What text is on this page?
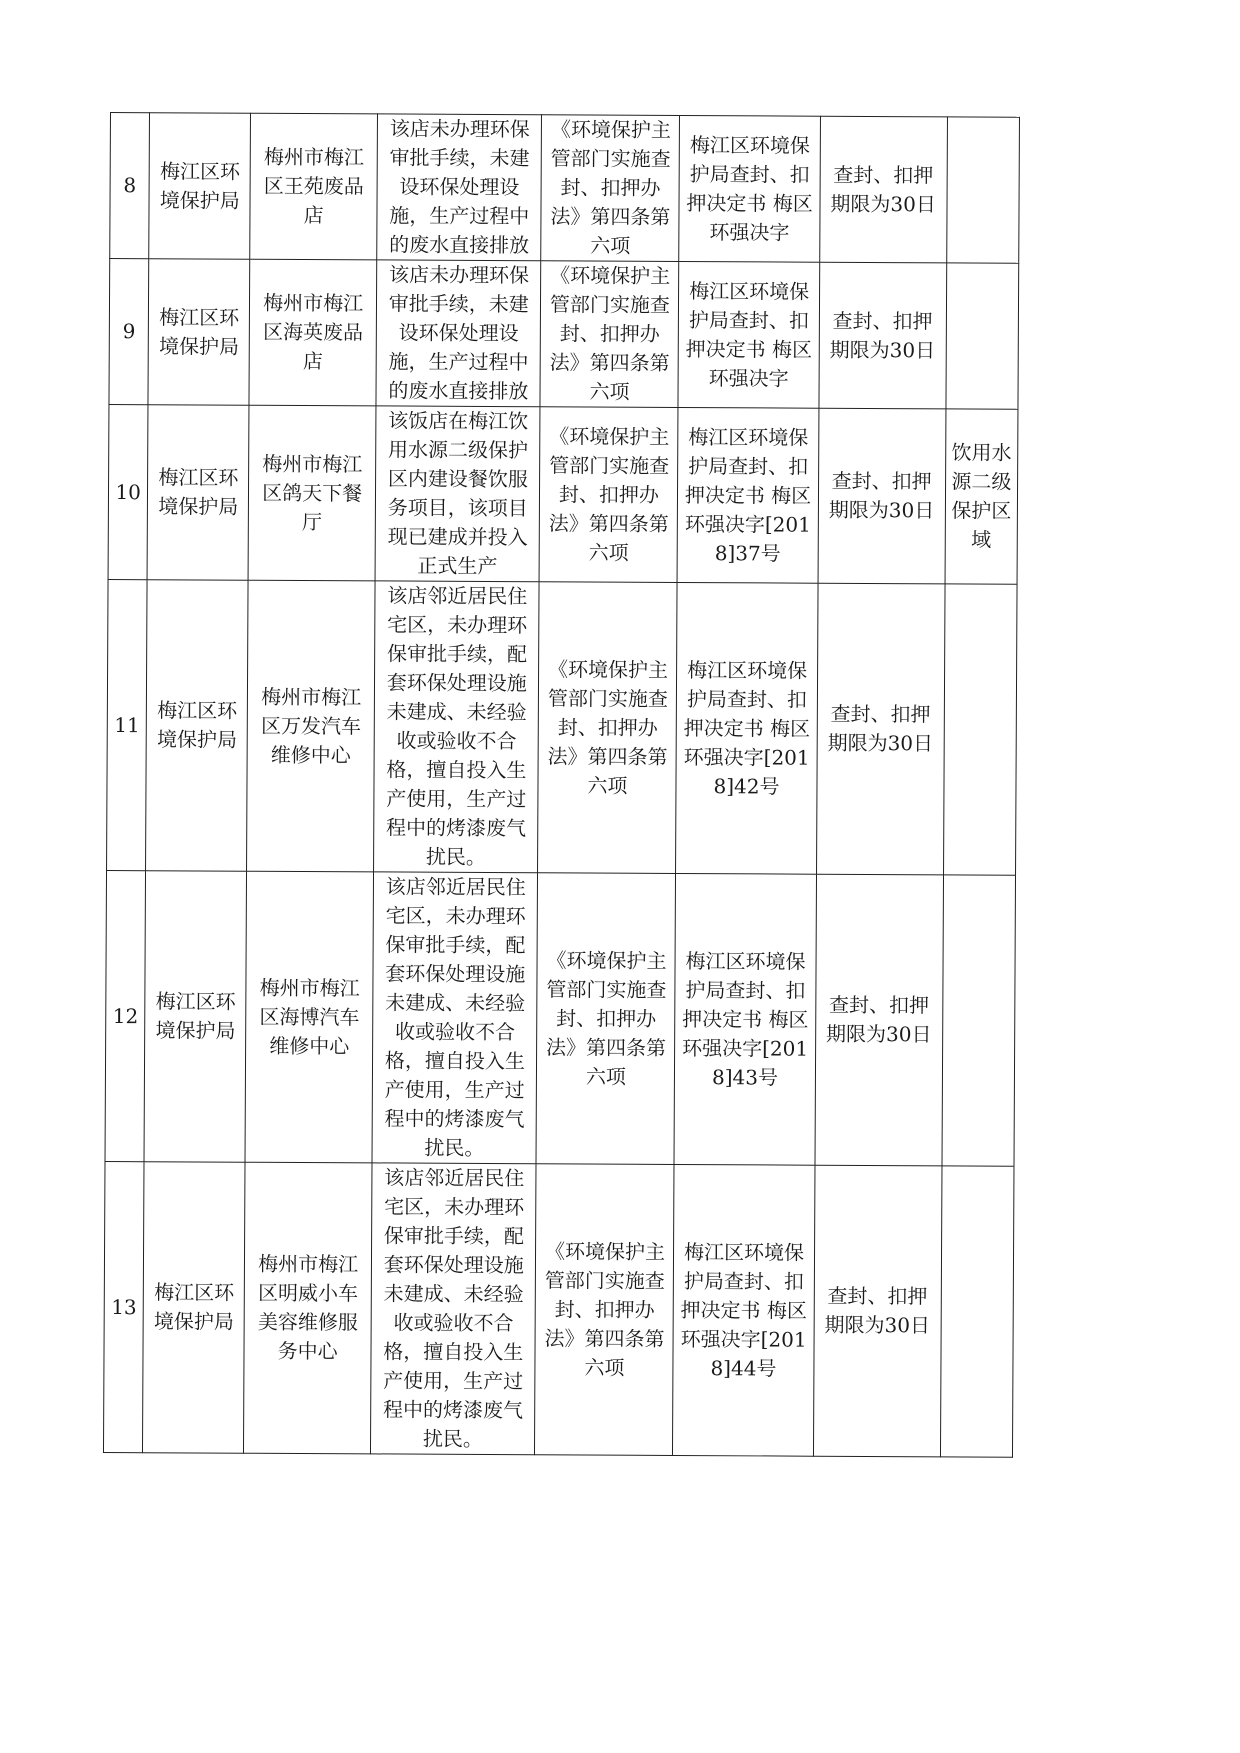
8	梅江区环境保护局	梅州市梅江区王苑废品店	该店未办理环保审批手续，未建设环保处理设施，生产过程中的废水直接排放	《环境保护主管部门实施查封、扣押办法》第四条第六项	梅江区环境保护局查封、扣押决定书 梅区环强决字	查封、扣押期限为30日	
9	梅江区环境保护局	梅州市梅江区海英废品店	该店未办理环保审批手续，未建设环保处理设施，生产过程中的废水直接排放	《环境保护主管部门实施查封、扣押办法》第四条第六项	梅江区环境保护局查封、扣押决定书 梅区环强决字	查封、扣押期限为30日	
10	梅江区环境保护局	梅州市梅江区鸽天下餐厅	该饭店在梅江饮用水源二级保护区内建设餐饮服务项目，该项目现已建成并投入正式生产	《环境保护主管部门实施查封、扣押办法》第四条第六项	梅江区环境保护局查封、扣押决定书 梅区环强决字[2018]37号	查封、扣押期限为30日	饮用水源二级保护区域
11	梅江区环境保护局	梅州市梅江区万发汽车维修中心	该店邻近居民住宅区，未办理环保审批手续，配套环保处理设施未建成、未经验收或验收不合格，擅自投入生产使用，生产过程中的烤漆废气扰民。	《环境保护主管部门实施查封、扣押办法》第四条第六项	梅江区环境保护局查封、扣押决定书 梅区环强决字[2018]42号	查封、扣押期限为30日	
12	梅江区环境保护局	梅州市梅江区海博汽车维修中心	该店邻近居民住宅区，未办理环保审批手续，配套环保处理设施未建成、未经验收或验收不合格，擅自投入生产使用，生产过程中的烤漆废气扰民。	《环境保护主管部门实施查封、扣押办法》第四条第六项	梅江区环境保护局查封、扣押决定书 梅区环强决字[2018]43号	查封、扣押期限为30日	
13	梅江区环境保护局	梅州市梅江区明威小车美容维修服务中心	该店邻近居民住宅区，未办理环保审批手续，配套环保处理设施未建成、未经验收或验收不合格，擅自投入生产使用，生产过程中的烤漆废气扰民。	《环境保护主管部门实施查封、扣押办法》第四条第六项	梅江区环境保护局查封、扣押决定书 梅区环强决字[2018]44号	查封、扣押期限为30日	
